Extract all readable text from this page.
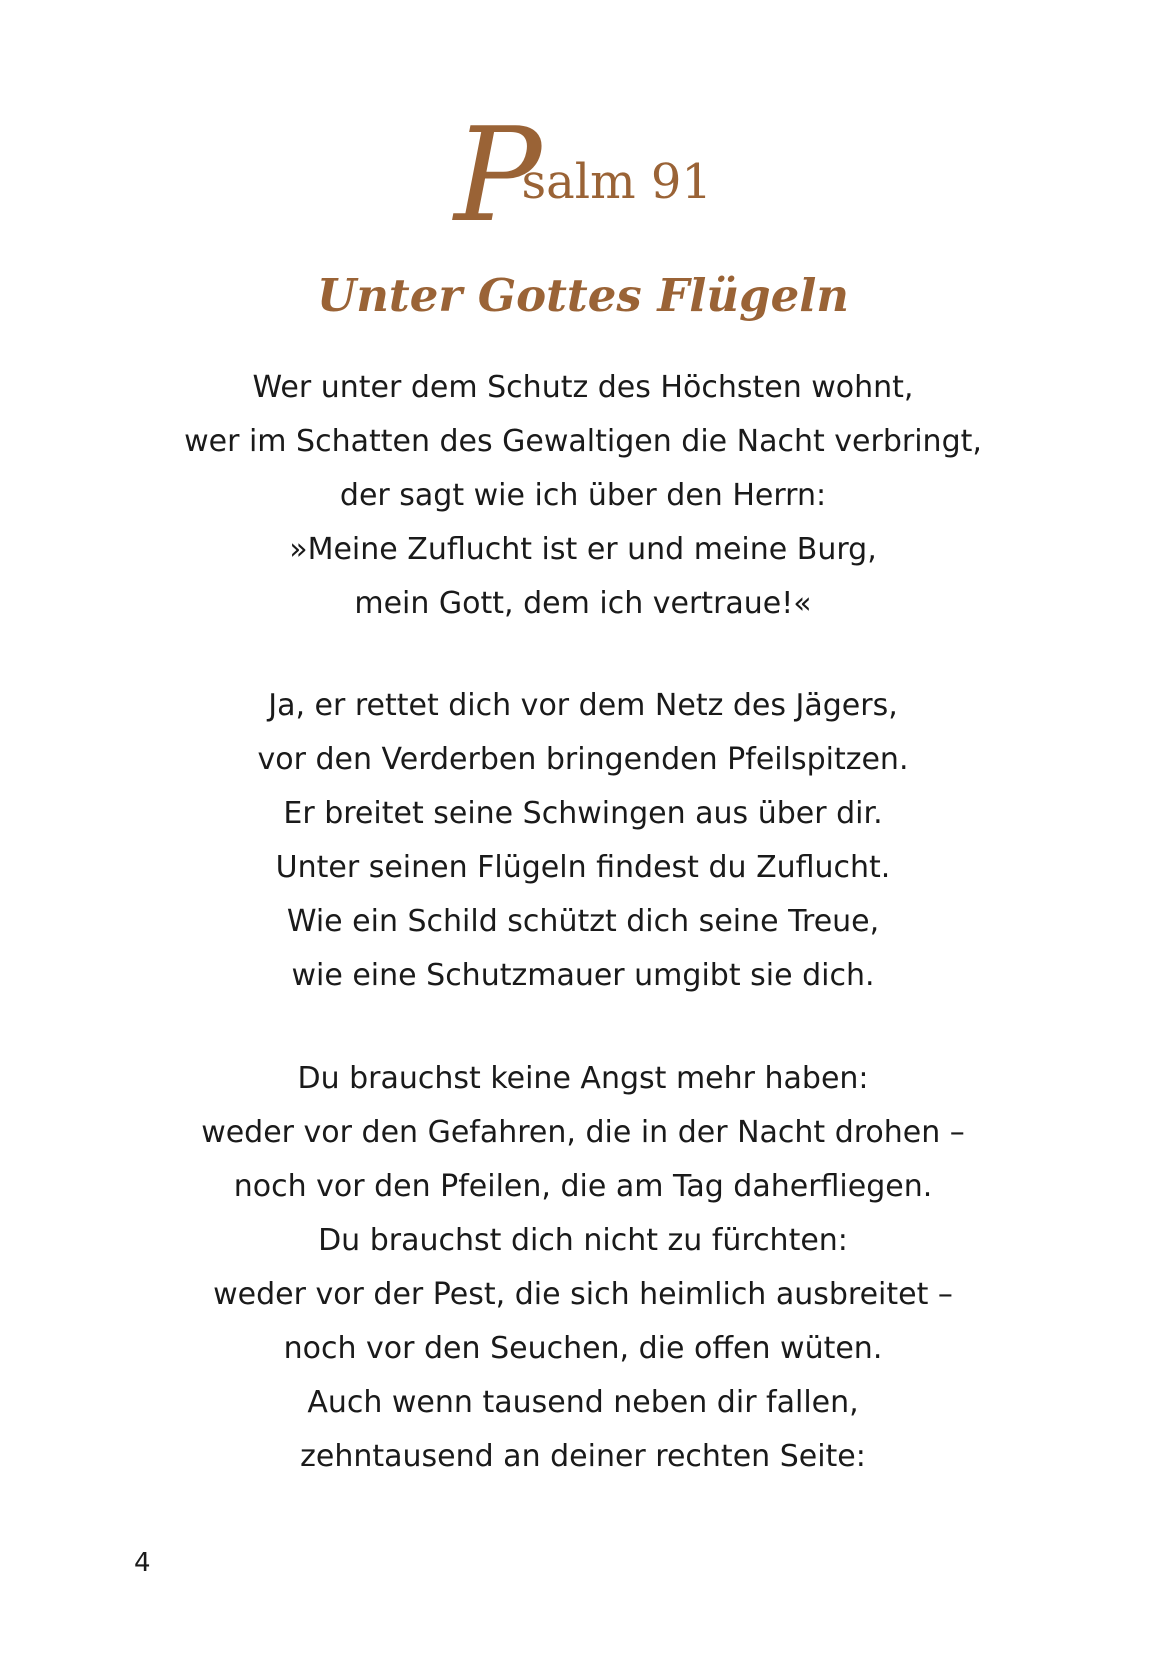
Psalm 91
Unter Gottes Flügeln
Wer unter dem Schutz des Höchsten wohnt,
wer im Schatten des Gewaltigen die Nacht verbringt,
der sagt wie ich über den Herrn:
»Meine Zuflucht ist er und meine Burg,
mein Gott, dem ich vertraue!«
Ja, er rettet dich vor dem Netz des Jägers,
vor den Verderben bringenden Pfeilspitzen.
Er breitet seine Schwingen aus über dir.
Unter seinen Flügeln findest du Zuflucht.
Wie ein Schild schützt dich seine Treue,
wie eine Schutzmauer umgibt sie dich.
Du brauchst keine Angst mehr haben:
weder vor den Gefahren, die in der Nacht drohen –
noch vor den Pfeilen, die am Tag daherfliegen.
Du brauchst dich nicht zu fürchten:
weder vor der Pest, die sich heimlich ausbreitet –
noch vor den Seuchen, die offen wüten.
Auch wenn tausend neben dir fallen,
zehntausend an deiner rechten Seite:
4
